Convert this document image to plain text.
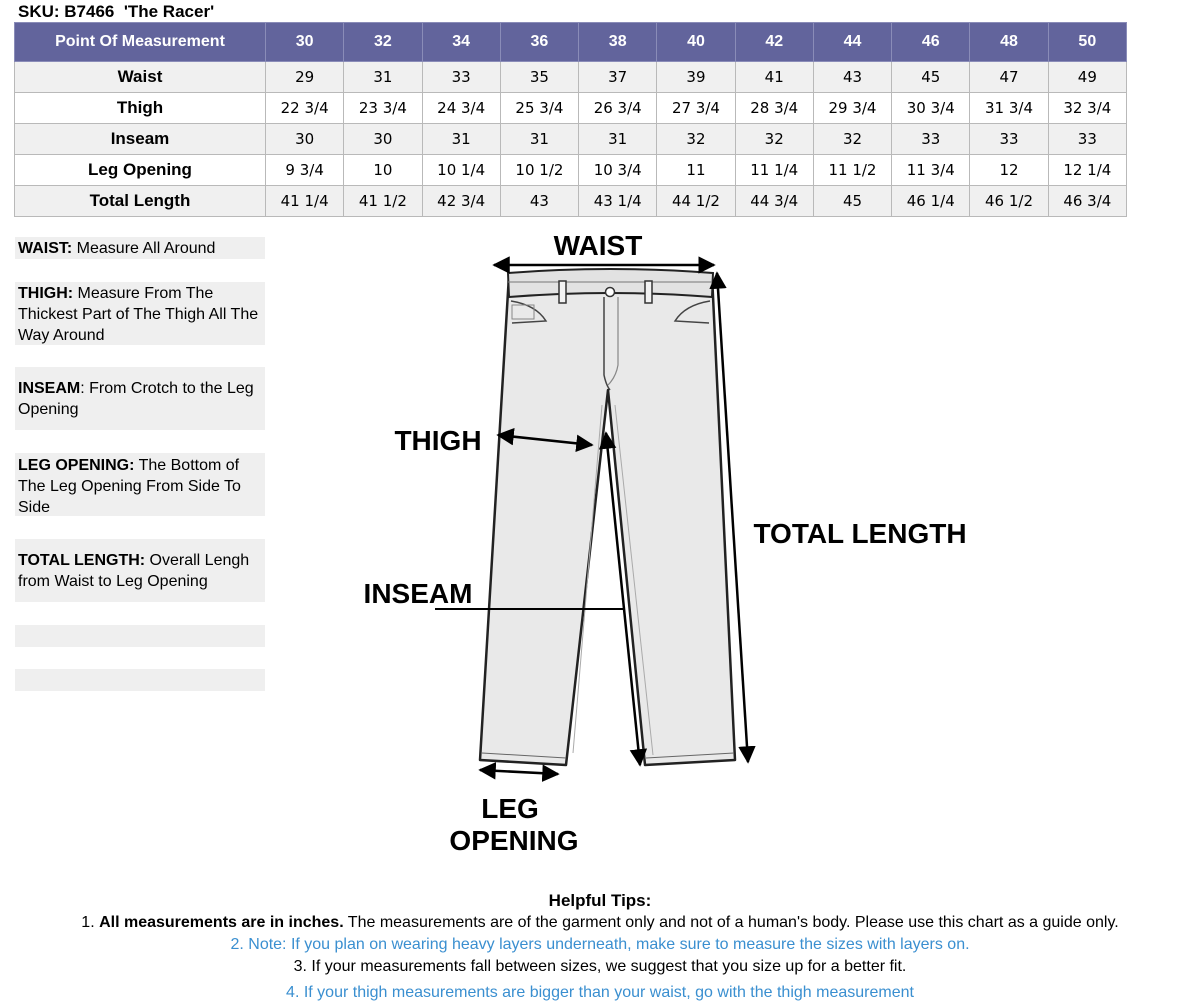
SKU: B7466  'The Racer'
Point Of Measurement	30	32	34	36	38	40	42	44	46	48	50
Waist	29	31	33	35	37	39	41	43	45	47	49
Thigh	22 3/4	23 3/4	24 3/4	25 3/4	26 3/4	27 3/4	28 3/4	29 3/4	30 3/4	31 3/4	32 3/4
Inseam	30	30	31	31	31	32	32	32	33	33	33
Leg Opening	9 3/4	10	10 1/4	10 1/2	10 3/4	11	11 1/4	11 1/2	11 3/4	12	12 1/4
Total Length	41 1/4	41 1/2	42 3/4	43	43 1/4	44 1/2	44 3/4	45	46 1/4	46 1/2	46 3/4
WAIST: Measure All Around
THIGH: Measure From The Thickest Part of The Thigh All The Way Around
INSEAM: From Crotch to the Leg Opening
LEG OPENING: The Bottom of The Leg Opening From Side To Side
TOTAL LENGTH: Overall Lengh from Waist to Leg Opening
WAIST
THIGH
INSEAM
TOTAL LENGTH
LEG
OPENING
Helpful Tips:
1. All measurements are in inches. The measurements are of the garment only and not of a human's body. Please use this chart as a guide only.
2. Note: If you plan on wearing heavy layers underneath, make sure to measure the sizes with layers on.
3. If your measurements fall between sizes, we suggest that you size up for a better fit.
4. If your thigh measurements are bigger than your waist, go with the thigh measurement
